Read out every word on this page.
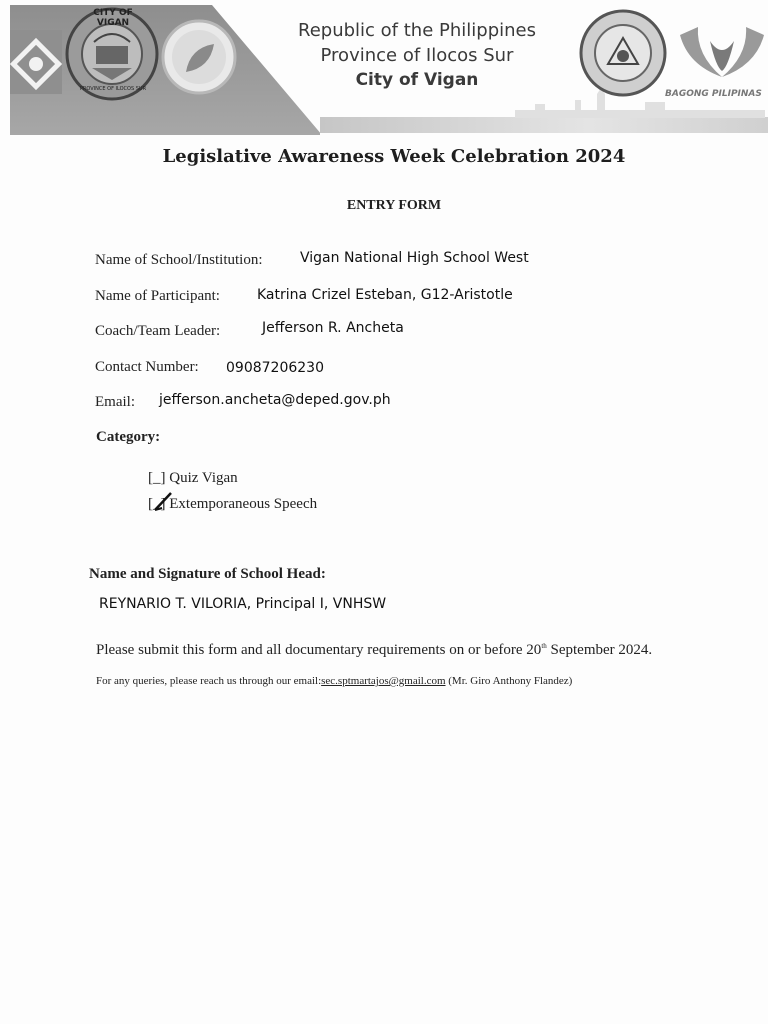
CITY OF VIGAN
PROVINCE OF ILOCOS SUR
Republic of the Philippines
Province of Ilocos Sur
City of Vigan
BAGONG PILIPINAS
Legislative Awareness Week Celebration 2024
ENTRY FORM
Name of School/Institution:	Vigan National High School West
Name of Participant:	Katrina Crizel Esteban, G12-Aristotle
Coach/Team Leader:	Jefferson R. Ancheta
Contact Number: 09087206230
Email: jefferson.ancheta@deped.gov.ph
Category:
[_] Quiz Vigan
[_] Extemporaneous Speech
Name and Signature of School Head:
REYNARIO T. VILORIA, Principal I, VNHSW
Please submit this form and all documentary requirements on or before 20th September 2024.
For any queries, please reach us through our email:sec.sptmartajos@gmail.com (Mr. Giro Anthony Flandez)
